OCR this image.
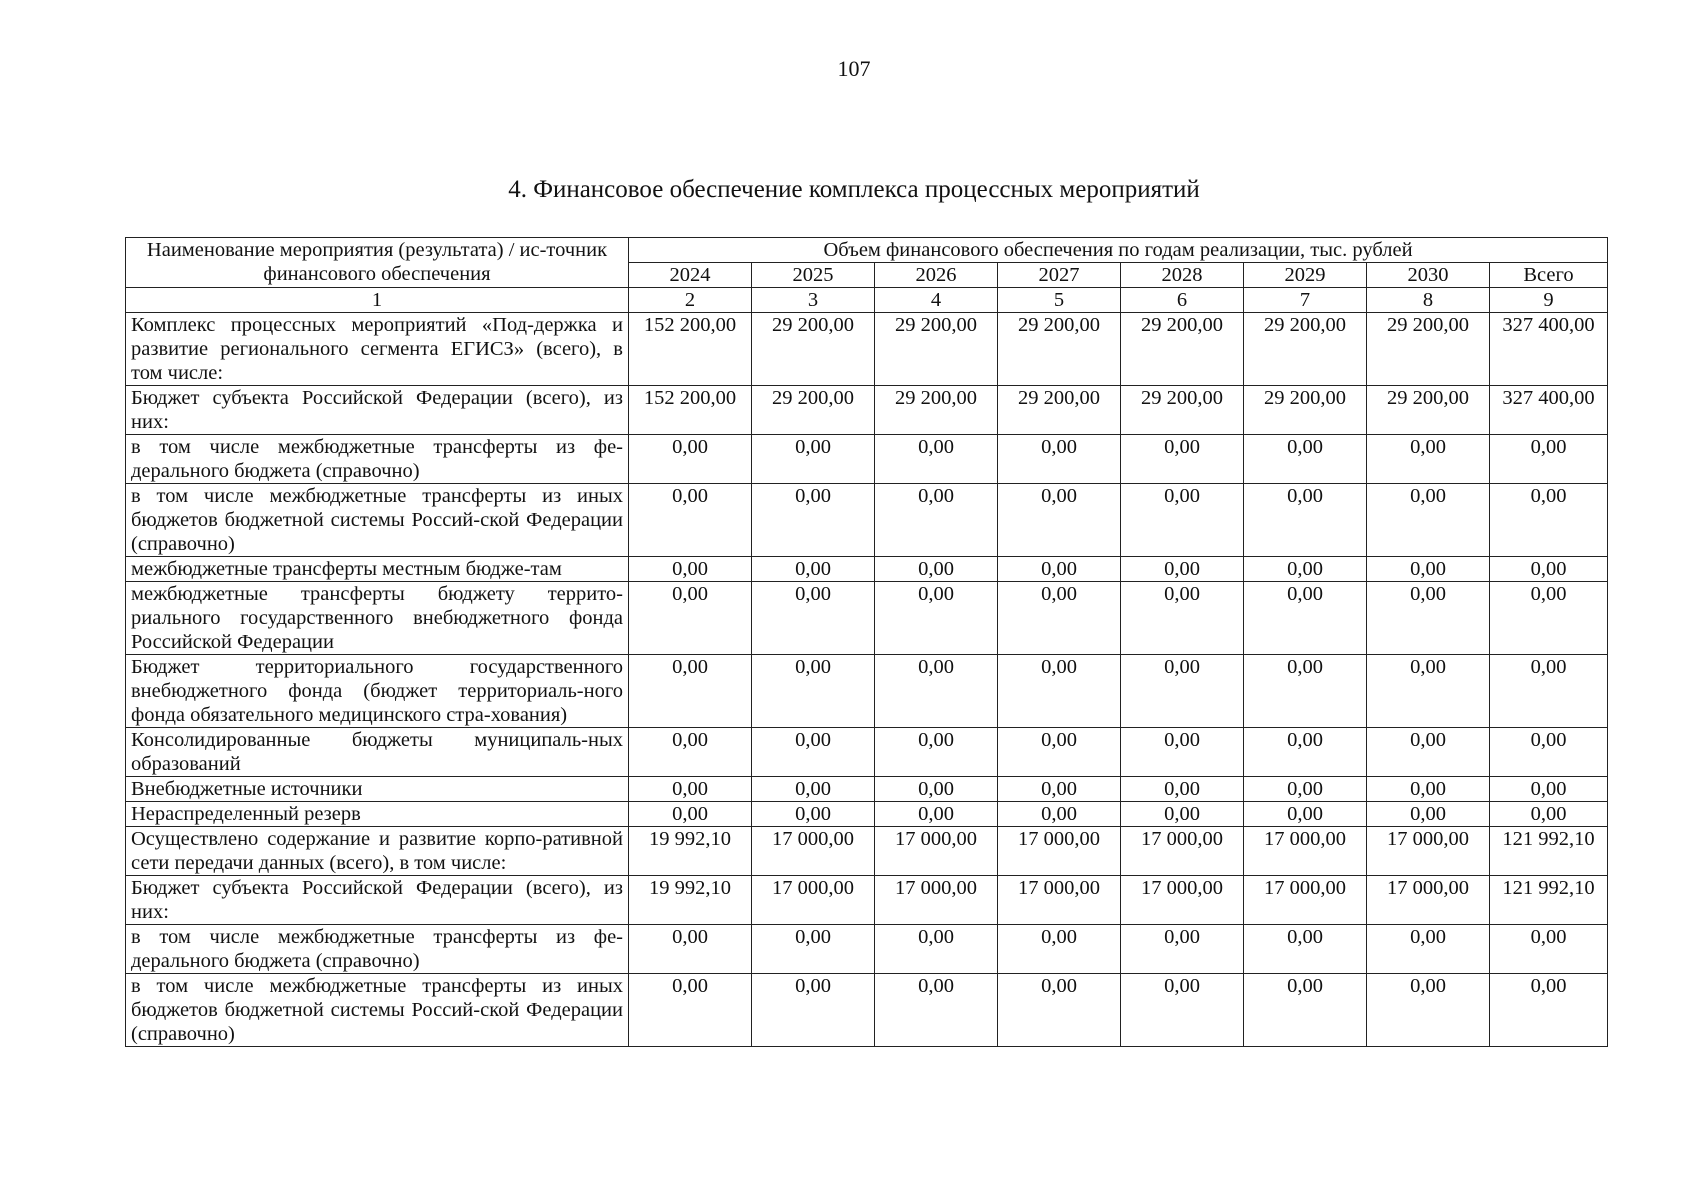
107
4. Финансовое обеспечение комплекса процессных мероприятий
Наименование мероприятия (результата) / ис-точник финансового обеспечения	Объем финансового обеспечения по годам реализации, тыс. рублей							
	2024	2025	2026	2027	2028	2029	2030	Всего
1	2	3	4	5	6	7	8	9
Комплекс процессных мероприятий «Под-держка и развитие регионального сегмента ЕГИСЗ» (всего), в том числе:	152 200,00	29 200,00	29 200,00	29 200,00	29 200,00	29 200,00	29 200,00	327 400,00
Бюджет субъекта Российской Федерации (всего), из них:	152 200,00	29 200,00	29 200,00	29 200,00	29 200,00	29 200,00	29 200,00	327 400,00
в том числе межбюджетные трансферты из фе-дерального бюджета (справочно)	0,00	0,00	0,00	0,00	0,00	0,00	0,00	0,00
в том числе межбюджетные трансферты из иных бюджетов бюджетной системы Россий-ской Федерации (справочно)	0,00	0,00	0,00	0,00	0,00	0,00	0,00	0,00
межбюджетные трансферты местным бюдже-там	0,00	0,00	0,00	0,00	0,00	0,00	0,00	0,00
межбюджетные трансферты бюджету террито-риального государственного внебюджетного фонда Российской Федерации	0,00	0,00	0,00	0,00	0,00	0,00	0,00	0,00
Бюджет территориального государственного внебюджетного фонда (бюджет территориаль-ного фонда обязательного медицинского стра-хования)	0,00	0,00	0,00	0,00	0,00	0,00	0,00	0,00
Консолидированные бюджеты муниципаль-ных образований	0,00	0,00	0,00	0,00	0,00	0,00	0,00	0,00
Внебюджетные источники	0,00	0,00	0,00	0,00	0,00	0,00	0,00	0,00
Нераспределенный резерв	0,00	0,00	0,00	0,00	0,00	0,00	0,00	0,00
Осуществлено содержание и развитие корпо-ративной сети передачи данных (всего), в том числе:	19 992,10	17 000,00	17 000,00	17 000,00	17 000,00	17 000,00	17 000,00	121 992,10
Бюджет субъекта Российской Федерации (всего), из них:	19 992,10	17 000,00	17 000,00	17 000,00	17 000,00	17 000,00	17 000,00	121 992,10
в том числе межбюджетные трансферты из фе-дерального бюджета (справочно)	0,00	0,00	0,00	0,00	0,00	0,00	0,00	0,00
в том числе межбюджетные трансферты из иных бюджетов бюджетной системы Россий-ской Федерации (справочно)	0,00	0,00	0,00	0,00	0,00	0,00	0,00	0,00
